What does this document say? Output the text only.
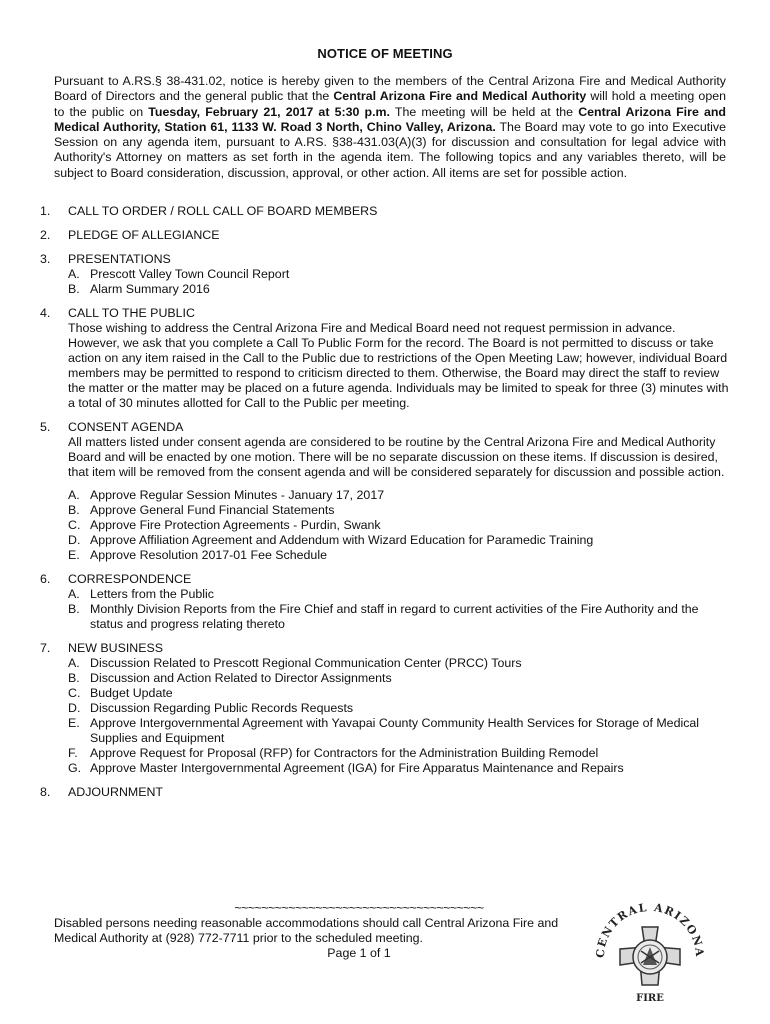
NOTICE OF MEETING

Pursuant to A.RS.§ 38-431.02, notice is hereby given to the members of the Central Arizona Fire and Medical Authority Board of Directors and the general public that the Central Arizona Fire and Medical Authority will hold a meeting open to the public on Tuesday, February 21, 2017 at 5:30 p.m. The meeting will be held at the Central Arizona Fire and Medical Authority, Station 61, 1133 W. Road 3 North, Chino Valley, Arizona. The Board may vote to go into Executive Session on any agenda item, pursuant to A.RS. §38-431.03(A)(3) for discussion and consultation for legal advice with Authority's Attorney on matters as set forth in the agenda item. The following topics and any variables thereto, will be subject to Board consideration, discussion, approval, or other action. All items are set for possible action.

1.	CALL TO ORDER / ROLL CALL OF BOARD MEMBERS
2.	PLEDGE OF ALLEGIANCE
3.	PRESENTATIONS
A. Prescott Valley Town Council Report
B. Alarm Summary 2016
4.	CALL TO THE PUBLIC

Those wishing to address the Central Arizona Fire and Medical Board need not request permission in advance. However, we ask that you complete a Call To Public Form for the record. The Board is not permitted to discuss or take action on any item raised in the Call to the Public due to restrictions of the Open Meeting Law; however, individual Board members may be permitted to respond to criticism directed to them. Otherwise, the Board may direct the staff to review the matter or the matter may be placed on a future agenda. Individuals may be limited to speak for three (3) minutes with a total of 30 minutes allotted for Call to the Public per meeting.

5.	CONSENT AGENDA

All matters listed under consent agenda are considered to be routine by the Central Arizona Fire and Medical Authority Board and will be enacted by one motion. There will be no separate discussion on these items. If discussion is desired, that item will be removed from the consent agenda and will be considered separately for discussion and possible action.

A. Approve Regular Session Minutes - January 17, 2017
B. Approve General Fund Financial Statements
C. Approve Fire Protection Agreements - Purdin, Swank
D. Approve Affiliation Agreement and Addendum with Wizard Education for Paramedic Training
E. Approve Resolution 2017-01 Fee Schedule
6.	CORRESPONDENCE
A. Letters from the Public
B. Monthly Division Reports from the Fire Chief and staff in regard to current activities of the Fire Authority and the status and progress relating thereto
7.	NEW BUSINESS
A. Discussion Related to Prescott Regional Communication Center (PRCC) Tours
B. Discussion and Action Related to Director Assignments
C. Budget Update
D. Discussion Regarding Public Records Requests
E. Approve Intergovernmental Agreement with Yavapai County Community Health Services for Storage of Medical Supplies and Equipment
F. Approve Request for Proposal (RFP) for Contractors for the Administration Building Remodel
G. Approve Master Intergovernmental Agreement (IGA) for Fire Apparatus Maintenance and Repairs
8.	ADJOURNMENT
~~~~~~~~~~~~~~~~~~~~~~~~~~~~~~~~~~~~~
Disabled persons needing reasonable accommodations should call Central Arizona Fire and Medical Authority at (928) 772-7711 prior to the scheduled meeting.
Page 1 of 1	CENTRAL ARIZONA
FIRE
